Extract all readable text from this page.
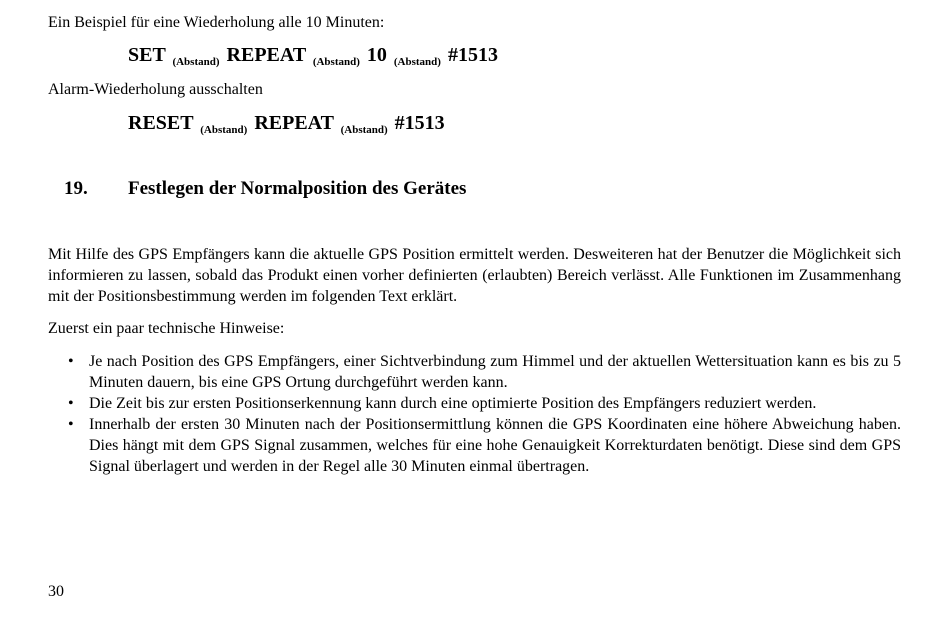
Ein Beispiel für eine Wiederholung alle 10 Minuten:
SET $_{(Abstand)}$ REPEAT $_{(Abstand)}$ 10 $_{(Abstand)}$ #1513
Alarm-Wiederholung ausschalten
RESET $_{(Abstand)}$ REPEAT $_{(Abstand)}$ #1513
19. Festlegen der Normalposition des Gerätes
Mit Hilfe des GPS Empfängers kann die aktuelle GPS Position ermittelt werden. Desweiteren hat der Benutzer die Möglichkeit sich informieren zu lassen, sobald das Produkt einen vorher definierten (erlaubten) Bereich verlässt. Alle Funktionen im Zusammenhang mit der Positionsbestimmung werden im folgenden Text erklärt.
Zuerst ein paar technische Hinweise:
• Je nach Position des GPS Empfängers, einer Sichtverbindung zum Himmel und der aktuellen Wettersituation kann es bis zu 5 Minuten dauern, bis eine GPS Ortung durchgeführt werden kann.
• Die Zeit bis zur ersten Positionserkennung kann durch eine optimierte Position des Empfängers reduziert werden.
• Innerhalb der ersten 30 Minuten nach der Positionsermittlung können die GPS Koordinaten eine höhere Abweichung haben. Dies hängt mit dem GPS Signal zusammen, welches für eine hohe Genauigkeit Korrekturdaten benötigt. Diese sind dem GPS Signal überlagert und werden in der Regel alle 30 Minuten einmal übertragen.
30
